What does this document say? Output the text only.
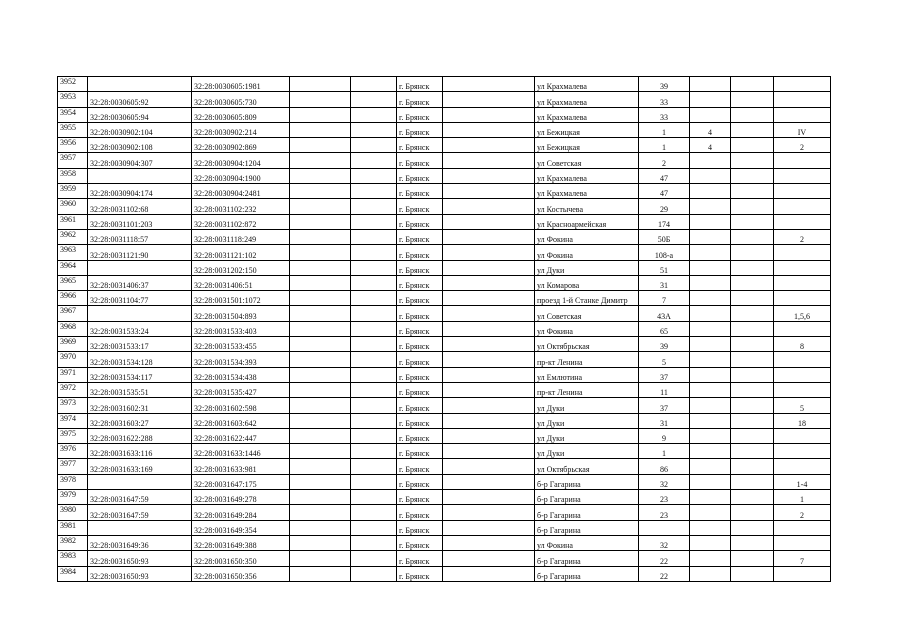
3952		32:28:0030605:1981			г. Брянск		ул Крахмалева	39			
3953	32:28:0030605:92	32:28:0030605:730			г. Брянск		ул Крахмалева	33			
3954	32:28:0030605:94	32:28:0030605:809			г. Брянск		ул Крахмалева	33			
3955	32:28:0030902:104	32:28:0030902:214			г. Брянск		ул Бежицкая	1	4		IV
3956	32:28:0030902:108	32:28:0030902:869			г. Брянск		ул Бежицкая	1	4		2
3957	32:28:0030904:307	32:28:0030904:1204			г. Брянск		ул Советская	2			
3958		32:28:0030904:1900			г. Брянск		ул Крахмалева	47			
3959	32:28:0030904:174	32:28:0030904:2481			г. Брянск		ул Крахмалева	47			
3960	32:28:0031102:68	32:28:0031102:232			г. Брянск		ул Костычева	29			
3961	32:28:0031101:203	32:28:0031102:872			г. Брянск		ул Красноармейская	174			
3962	32:28:0031118:57	32:28:0031118:249			г. Брянск		ул Фокина	50Б			2
3963	32:28:0031121:90	32:28:0031121:102			г. Брянск		ул Фокина	108-а			
3964		32:28:0031202:150			г. Брянск		ул Дуки	51			
3965	32:28:0031406:37	32:28:0031406:51			г. Брянск		ул Комарова	31			
3966	32:28:0031104:77	32:28:0031501:1072			г. Брянск		проезд 1-й Станке Димитр	7			
3967		32:28:0031504:893			г. Брянск		ул Советская	43А			1,5,6
3968	32:28:0031533:24	32:28:0031533:403			г. Брянск		ул Фокина	65			
3969	32:28:0031533:17	32:28:0031533:455			г. Брянск		ул Октябрьская	39			8
3970	32:28:0031534:128	32:28:0031534:393			г. Брянск		пр-кт Ленина	5			
3971	32:28:0031534:117	32:28:0031534:438			г. Брянск		ул Емлютина	37			
3972	32:28:0031535:51	32:28:0031535:427			г. Брянск		пр-кт Ленина	11			
3973	32:28:0031602:31	32:28:0031602:598			г. Брянск		ул Дуки	37			5
3974	32:28:0031603:27	32:28:0031603:642			г. Брянск		ул Дуки	31			18
3975	32:28:0031622:288	32:28:0031622:447			г. Брянск		ул Дуки	9			
3976	32:28:0031633:116	32:28:0031633:1446			г. Брянск		ул Дуки	1			
3977	32:28:0031633:169	32:28:0031633:981			г. Брянск		ул Октябрьская	86			
3978		32:28:0031647:175			г. Брянск		б-р Гагарина	32			1-4
3979	32:28:0031647:59	32:28:0031649:278			г. Брянск		б-р Гагарина	23			1
3980	32:28:0031647:59	32:28:0031649:284			г. Брянск		б-р Гагарина	23			2
3981		32:28:0031649:354			г. Брянск		б-р Гагарина				
3982	32:28:0031649:36	32:28:0031649:388			г. Брянск		ул Фокина	32			
3983	32:28:0031650:93	32:28:0031650:350			г. Брянск		б-р Гагарина	22			7
3984	32:28:0031650:93	32:28:0031650:356			г. Брянск		б-р Гагарина	22			
